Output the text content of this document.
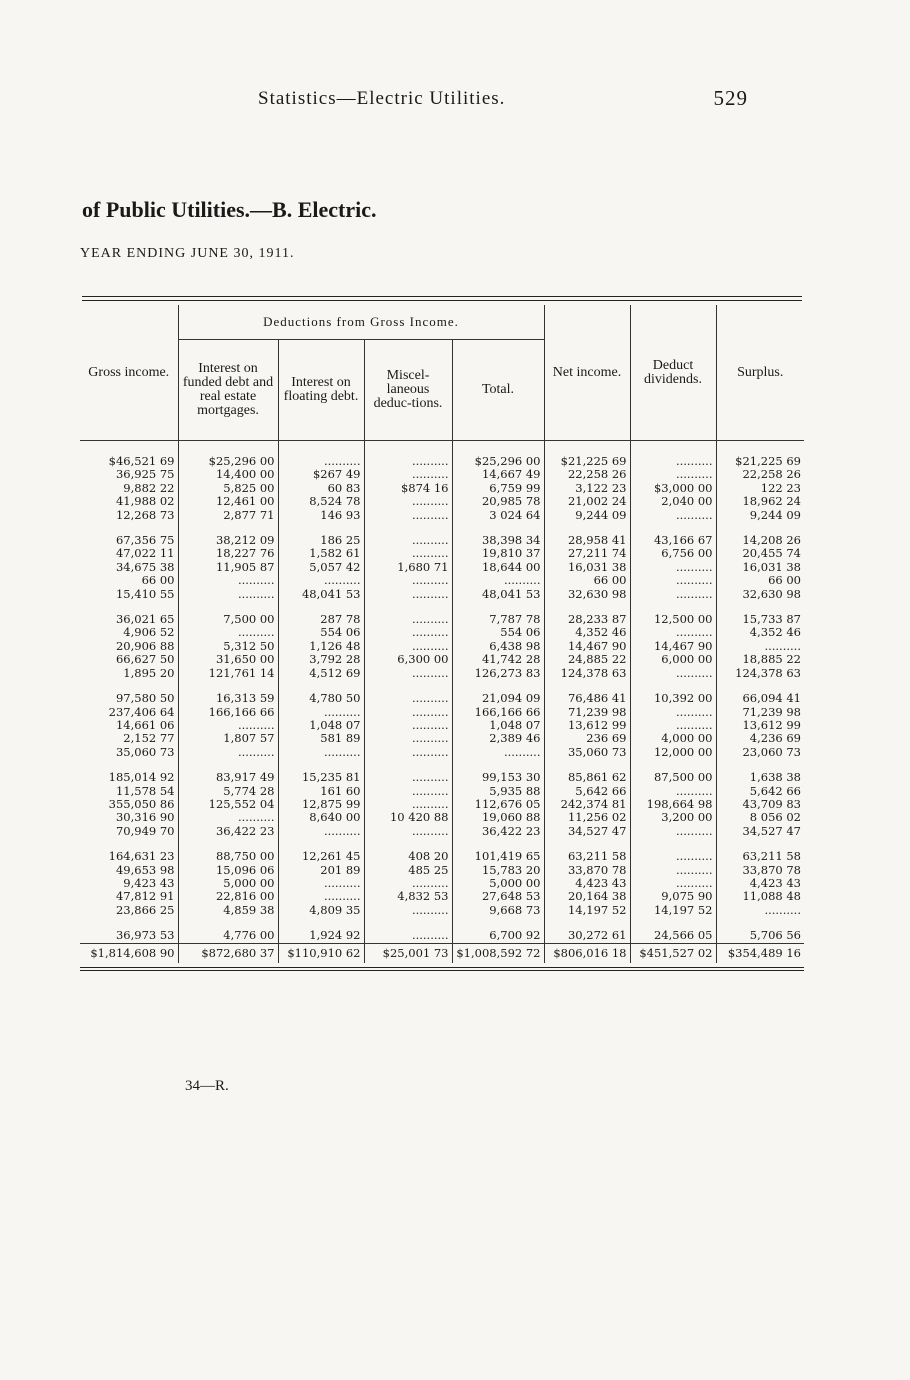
Statistics—Electric Utilities.	529
of Public Utilities.—B. Electric.
YEAR ENDING JUNE 30, 1911.
Gross income.	Deductions from Gross Income.				Net income.	Deduct dividends.	Surplus.
	Interest on funded debt and real estate mortgages.	Interest on floating debt.	Miscel-laneous deduc-tions.	Total.			
$46,521 69	$25,296 00	..........	..........	$25,296 00	$21,225 69	..........	$21,225 69
36,925 75	14,400 00	$267 49	..........	14,667 49	22,258 26	..........	22,258 26
9,882 22	5,825 00	60 83	$874 16	6,759 99	3,122 23	$3,000 00	122 23
41,988 02	12,461 00	8,524 78	..........	20,985 78	21,002 24	2,040 00	18,962 24
12,268 73	2,877 71	146 93	..........	3 024 64	9,244 09	..........	9,244 09

67,356 75	38,212 09	186 25	..........	38,398 34	28,958 41	43,166 67	14,208 26
47,022 11	18,227 76	1,582 61	..........	19,810 37	27,211 74	6,756 00	20,455 74
34,675 38	11,905 87	5,057 42	1,680 71	18,644 00	16,031 38	..........	16,031 38
66 00	..........	..........	..........	..........	66 00	..........	66 00
15,410 55	..........	48,041 53	..........	48,041 53	32,630 98	..........	32,630 98

36,021 65	7,500 00	287 78	..........	7,787 78	28,233 87	12,500 00	15,733 87
4,906 52	..........	554 06	..........	554 06	4,352 46	..........	4,352 46
20,906 88	5,312 50	1,126 48	..........	6,438 98	14,467 90	14,467 90	..........
66,627 50	31,650 00	3,792 28	6,300 00	41,742 28	24,885 22	6,000 00	18,885 22
1,895 20	121,761 14	4,512 69	..........	126,273 83	124,378 63	..........	124,378 63

97,580 50	16,313 59	4,780 50	..........	21,094 09	76,486 41	10,392 00	66,094 41
237,406 64	166,166 66	..........	..........	166,166 66	71,239 98	..........	71,239 98
14,661 06	..........	1,048 07	..........	1,048 07	13,612 99	..........	13,612 99
2,152 77	1,807 57	581 89	..........	2,389 46	236 69	4,000 00	4,236 69
35,060 73	..........	..........	..........	..........	35,060 73	12,000 00	23,060 73

185,014 92	83,917 49	15,235 81	..........	99,153 30	85,861 62	87,500 00	1,638 38
11,578 54	5,774 28	161 60	..........	5,935 88	5,642 66	..........	5,642 66
355,050 86	125,552 04	12,875 99	..........	112,676 05	242,374 81	198,664 98	43,709 83
30,316 90	..........	8,640 00	10 420 88	19,060 88	11,256 02	3,200 00	8 056 02
70,949 70	36,422 23	..........	..........	36,422 23	34,527 47	..........	34,527 47

164,631 23	88,750 00	12,261 45	408 20	101,419 65	63,211 58	..........	63,211 58
49,653 98	15,096 06	201 89	485 25	15,783 20	33,870 78	..........	33,870 78
9,423 43	5,000 00	..........	..........	5,000 00	4,423 43	..........	4,423 43
47,812 91	22,816 00	..........	4,832 53	27,648 53	20,164 38	9,075 90	11,088 48
23,866 25	4,859 38	4,809 35	..........	9,668 73	14,197 52	14,197 52	..........

36,973 53	4,776 00	1,924 92	..........	6,700 92	30,272 61	24,566 05	5,706 56
$1,814,608 90	$872,680 37	$110,910 62	$25,001 73	$1,008,592 72	$806,016 18	$451,527 02	$354,489 16
34—R.
